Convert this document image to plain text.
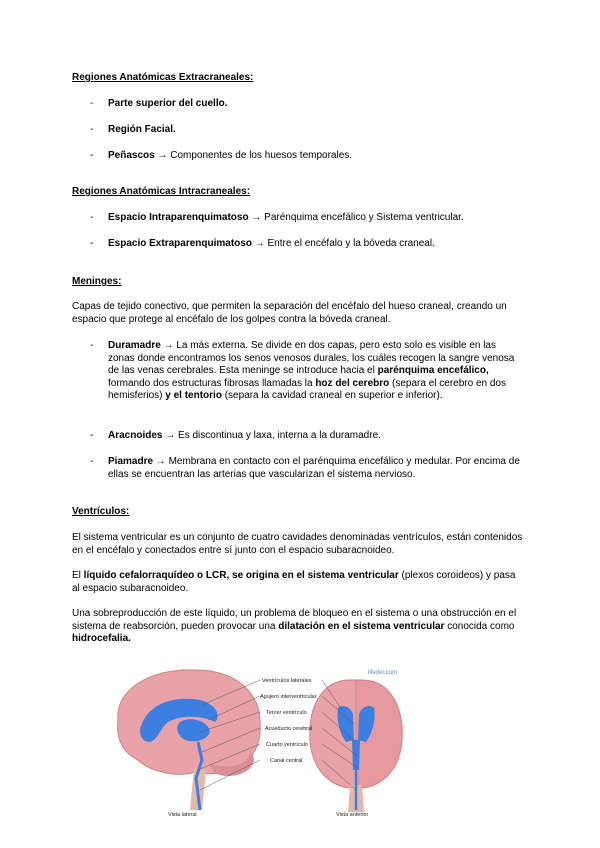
Regiones Anatómicas Extracraneales:
- Parte superior del cuello.
- Región Facial.
- Peñascos → Componentes de los huesos temporales.
Regiones Anatómicas Intracraneales:
- Espacio Intraparenquimatoso → Parénquima encefálico y Sistema ventricular.
- Espacio Extraparenquimatoso → Entre el encéfalo y la bóveda craneal.
Meninges:
Capas de tejido conectivo, que permiten la separación del encéfalo del hueso craneal, creando un espacio que protege al encéfalo de los golpes contra la bóveda craneal.
- Duramadre → La más externa. Se divide en dos capas, pero esto solo es visible en las zonas donde encontramos los senos venosos durales, los cuáles recogen la sangre venosa de las venas cerebrales. Esta meninge se introduce hacia el parénquima encefálico, formando dos estructuras fibrosas llamadas la hoz del cerebro (separa el cerebro en dos hemisferios) y el tentorio (separa la cavidad craneal en superior e inferior).
- Aracnoides → Es discontinua y laxa, interna a la duramadre.
- Piamadre → Membrana en contacto con el parénquima encefálico y medular. Por encima de ellas se encuentran las arterias que vascularizan el sistema nervioso.
Ventrículos:
El sistema ventricular es un conjunto de cuatro cavidades denominadas ventrículos, están contenidos en el encéfalo y conectados entre sí junto con el espacio subaracnoideo.
El líquido cefalorraquídeo o LCR, se origina en el sistema ventricular (plexos coroideos) y pasa al espacio subaracnoideo.
Una sobreproducción de este líquido, un problema de bloqueo en el sistema o una obstrucción en el sistema de reabsorción, pueden provocar una dilatación en el sistema ventricular conocida como hidrocefalia.
Ventrículos laterales
Agujero interventricular
Tercer ventrículo
Acueducto cerebral
Cuarto ventrículo
Canal central
lifeder.com
Vista lateral	Vista anterior
